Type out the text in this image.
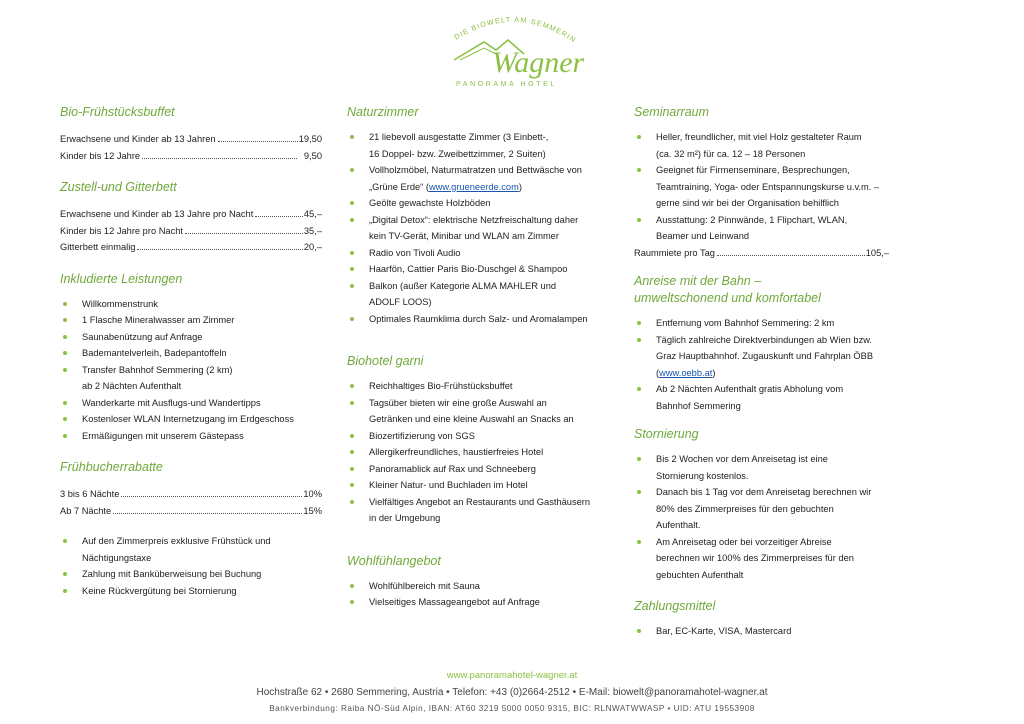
DIE BIOWELT AM SEMMERIN
Wagner
PANORAMA HOTEL
Bio-Frühstücksbuffet
Erwachsene und Kinder ab 13 Jahren	19,50
Kinder bis 12 Jahre	9,50
Zustell-und Gitterbett
Erwachsene und Kinder ab 13 Jahre pro Nacht	45,–
Kinder bis 12 Jahre pro Nacht	35,–
Gitterbett einmalig	20,–
Inkludierte Leistungen
Willkommenstrunk
1 Flasche Mineralwasser am Zimmer
Saunabenützung auf Anfrage
Bademantelverleih, Badepantoffeln
Transfer Bahnhof Semmering (2 km)
ab 2 Nächten Aufenthalt
Wanderkarte mit Ausflugs-und Wandertipps
Kostenloser WLAN Internetzugang im Erdgeschoss
Ermäßigungen mit unserem Gästepass
Frühbucherrabatte
3 bis 6 Nächte	10%
Ab 7 Nächte	15%
Auf den Zimmerpreis exklusive Frühstück und
Nächtigungstaxe
Zahlung mit Banküberweisung bei Buchung
Keine Rückvergütung bei Stornierung
Naturzimmer
21 liebevoll ausgestatte Zimmer (3 Einbett-,
16 Doppel- bzw. Zweibettzimmer, 2 Suiten)
Vollholzmöbel, Naturmatratzen und Bettwäsche von
„Grüne Erde“ (www.grueneerde.com)
Geölte gewachste Holzböden
„Digital Detox“: elektrische Netzfreischaltung daher
kein TV-Gerät, Minibar und WLAN am Zimmer
Radio von Tivoli Audio
Haarfön, Cattier Paris Bio-Duschgel & Shampoo
Balkon (außer Kategorie ALMA MAHLER und
ADOLF LOOS)
Optimales Raumklima durch Salz- und Aromalampen
Biohotel garni
Reichhaltiges Bio-Frühstücksbuffet
Tagsüber bieten wir eine große Auswahl an
Getränken und eine kleine Auswahl an Snacks an
Biozertifizierung von SGS
Allergikerfreundliches, haustierfreies Hotel
Panoramablick auf Rax und Schneeberg
Kleiner Natur- und Buchladen im Hotel
Vielfältiges Angebot an Restaurants und Gasthäusern
in der Umgebung
Wohlfühlangebot
Wohlfühlbereich mit Sauna
Vielseitiges Massageangebot auf Anfrage
Seminarraum
Heller, freundlicher, mit viel Holz gestalteter Raum
(ca. 32 m²) für ca. 12 – 18 Personen
Geeignet für Firmenseminare, Besprechungen,
Teamtraining, Yoga- oder Entspannungskurse u.v.m. –
gerne sind wir bei der Organisation behilflich
Ausstattung: 2 Pinnwände, 1 Flipchart, WLAN,
Beamer und Leinwand
Raummiete pro Tag	105,–
Anreise mit der Bahn –
umweltschonend und komfortabel
Entfernung vom Bahnhof Semmering: 2 km
Täglich zahlreiche Direktverbindungen ab Wien bzw.
Graz Hauptbahnhof. Zugauskunft und Fahrplan ÖBB
(www.oebb.at)
Ab 2 Nächten Aufenthalt gratis Abholung vom
Bahnhof Semmering
Stornierung
Bis 2 Wochen vor dem Anreisetag ist eine
Stornierung kostenlos.
Danach bis 1 Tag vor dem Anreisetag berechnen wir
80% des Zimmerpreises für den gebuchten
Aufenthalt.
Am Anreisetag oder bei vorzeitiger Abreise
berechnen wir 100% des Zimmerpreises für den
gebuchten Aufenthalt
Zahlungsmittel
Bar, EC-Karte, VISA, Mastercard
www.panoramahotel-wagner.at
Hochstraße 62 • 2680 Semmering, Austria • Telefon: +43 (0)2664-2512 • E-Mail: biowelt@panoramahotel-wagner.at
Bankverbindung: Raiba NÖ-Süd Alpin, IBAN: AT60 3219 5000 0050 9315, BIC: RLNWATWWASP • UID: ATU 19553908
